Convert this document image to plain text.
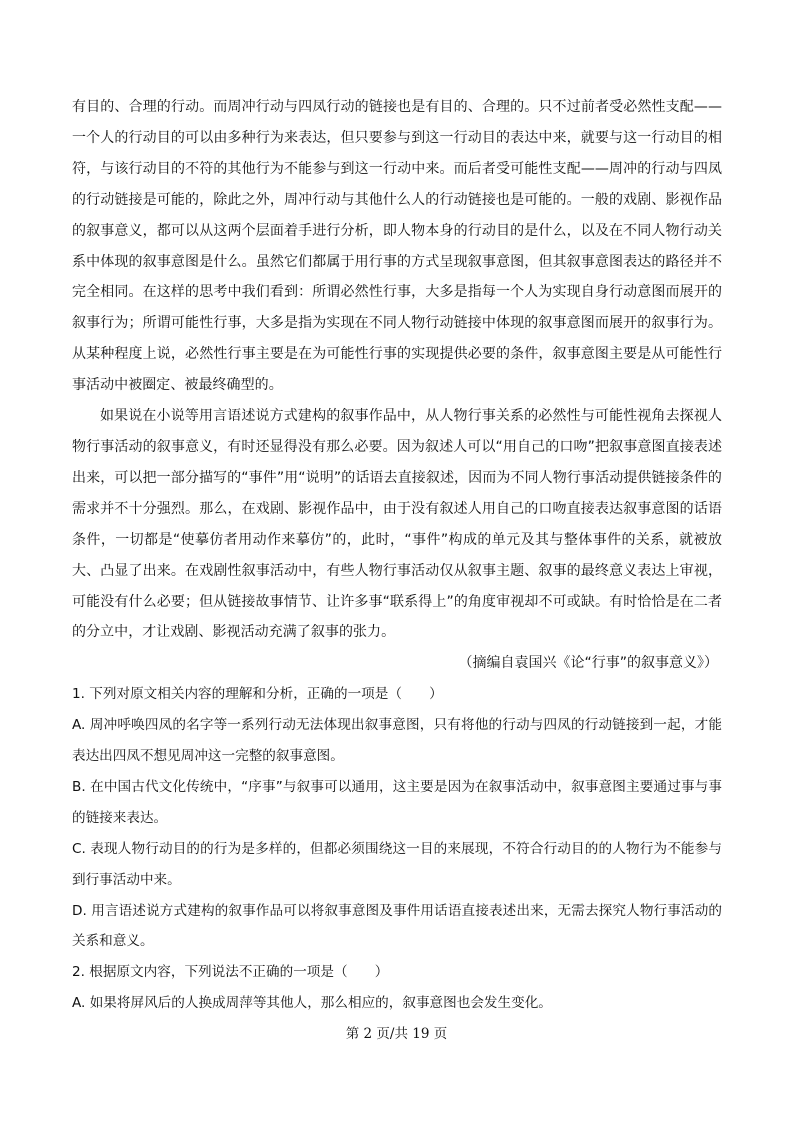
有目的、合理的行动。而周冲行动与四凤行动的链接也是有目的、合理的。只不过前者受必然性支配——一个人的行动目的可以由多种行为来表达，但只要参与到这一行动目的表达中来，就要与这一行动目的相符，与该行动目的不符的其他行为不能参与到这一行动中来。而后者受可能性支配——周冲的行动与四凤的行动链接是可能的，除此之外，周冲行动与其他什么人的行动链接也是可能的。一般的戏剧、影视作品的叙事意义，都可以从这两个层面着手进行分析，即人物本身的行动目的是什么，以及在不同人物行动关系中体现的叙事意图是什么。虽然它们都属于用行事的方式呈现叙事意图，但其叙事意图表达的路径并不完全相同。在这样的思考中我们看到：所谓必然性行事，大多是指每一个人为实现自身行动意图而展开的叙事行为；所谓可能性行事，大多是指为实现在不同人物行动链接中体现的叙事意图而展开的叙事行为。从某种程度上说，必然性行事主要是在为可能性行事的实现提供必要的条件，叙事意图主要是从可能性行事活动中被圈定、被最终确型的。

如果说在小说等用言语述说方式建构的叙事作品中，从人物行事关系的必然性与可能性视角去探视人物行事活动的叙事意义，有时还显得没有那么必要。因为叙述人可以“用自己的口吻”把叙事意图直接表述出来，可以把一部分描写的“事件”用“说明”的话语去直接叙述，因而为不同人物行事活动提供链接条件的需求并不十分强烈。那么，在戏剧、影视作品中，由于没有叙述人用自己的口吻直接表达叙事意图的话语条件，一切都是“使摹仿者用动作来摹仿”的，此时，“事件”构成的单元及其与整体事件的关系，就被放大、凸显了出来。在戏剧性叙事活动中，有些人物行事活动仅从叙事主题、叙事的最终意义表达上审视，可能没有什么必要；但从链接故事情节、让许多事“联系得上”的角度审视却不可或缺。有时恰恰是在二者的分立中，才让戏剧、影视活动充满了叙事的张力。

（摘编自袁国兴《论“行事”的叙事意义》）

1. 下列对原文相关内容的理解和分析，正确的一项是（　　）

A. 周冲呼唤四凤的名字等一系列行动无法体现出叙事意图，只有将他的行动与四凤的行动链接到一起，才能表达出四凤不想见周冲这一完整的叙事意图。

B. 在中国古代文化传统中，“序事”与叙事可以通用，这主要是因为在叙事活动中，叙事意图主要通过事与事的链接来表达。

C. 表现人物行动目的的行为是多样的，但都必须围绕这一目的来展现，不符合行动目的的人物行为不能参与到行事活动中来。

D. 用言语述说方式建构的叙事作品可以将叙事意图及事件用话语直接表述出来，无需去探究人物行事活动的关系和意义。

2. 根据原文内容，下列说法不正确的一项是（　　）

A. 如果将屏风后的人换成周萍等其他人，那么相应的，叙事意图也会发生变化。

第 2 页/共 19 页
